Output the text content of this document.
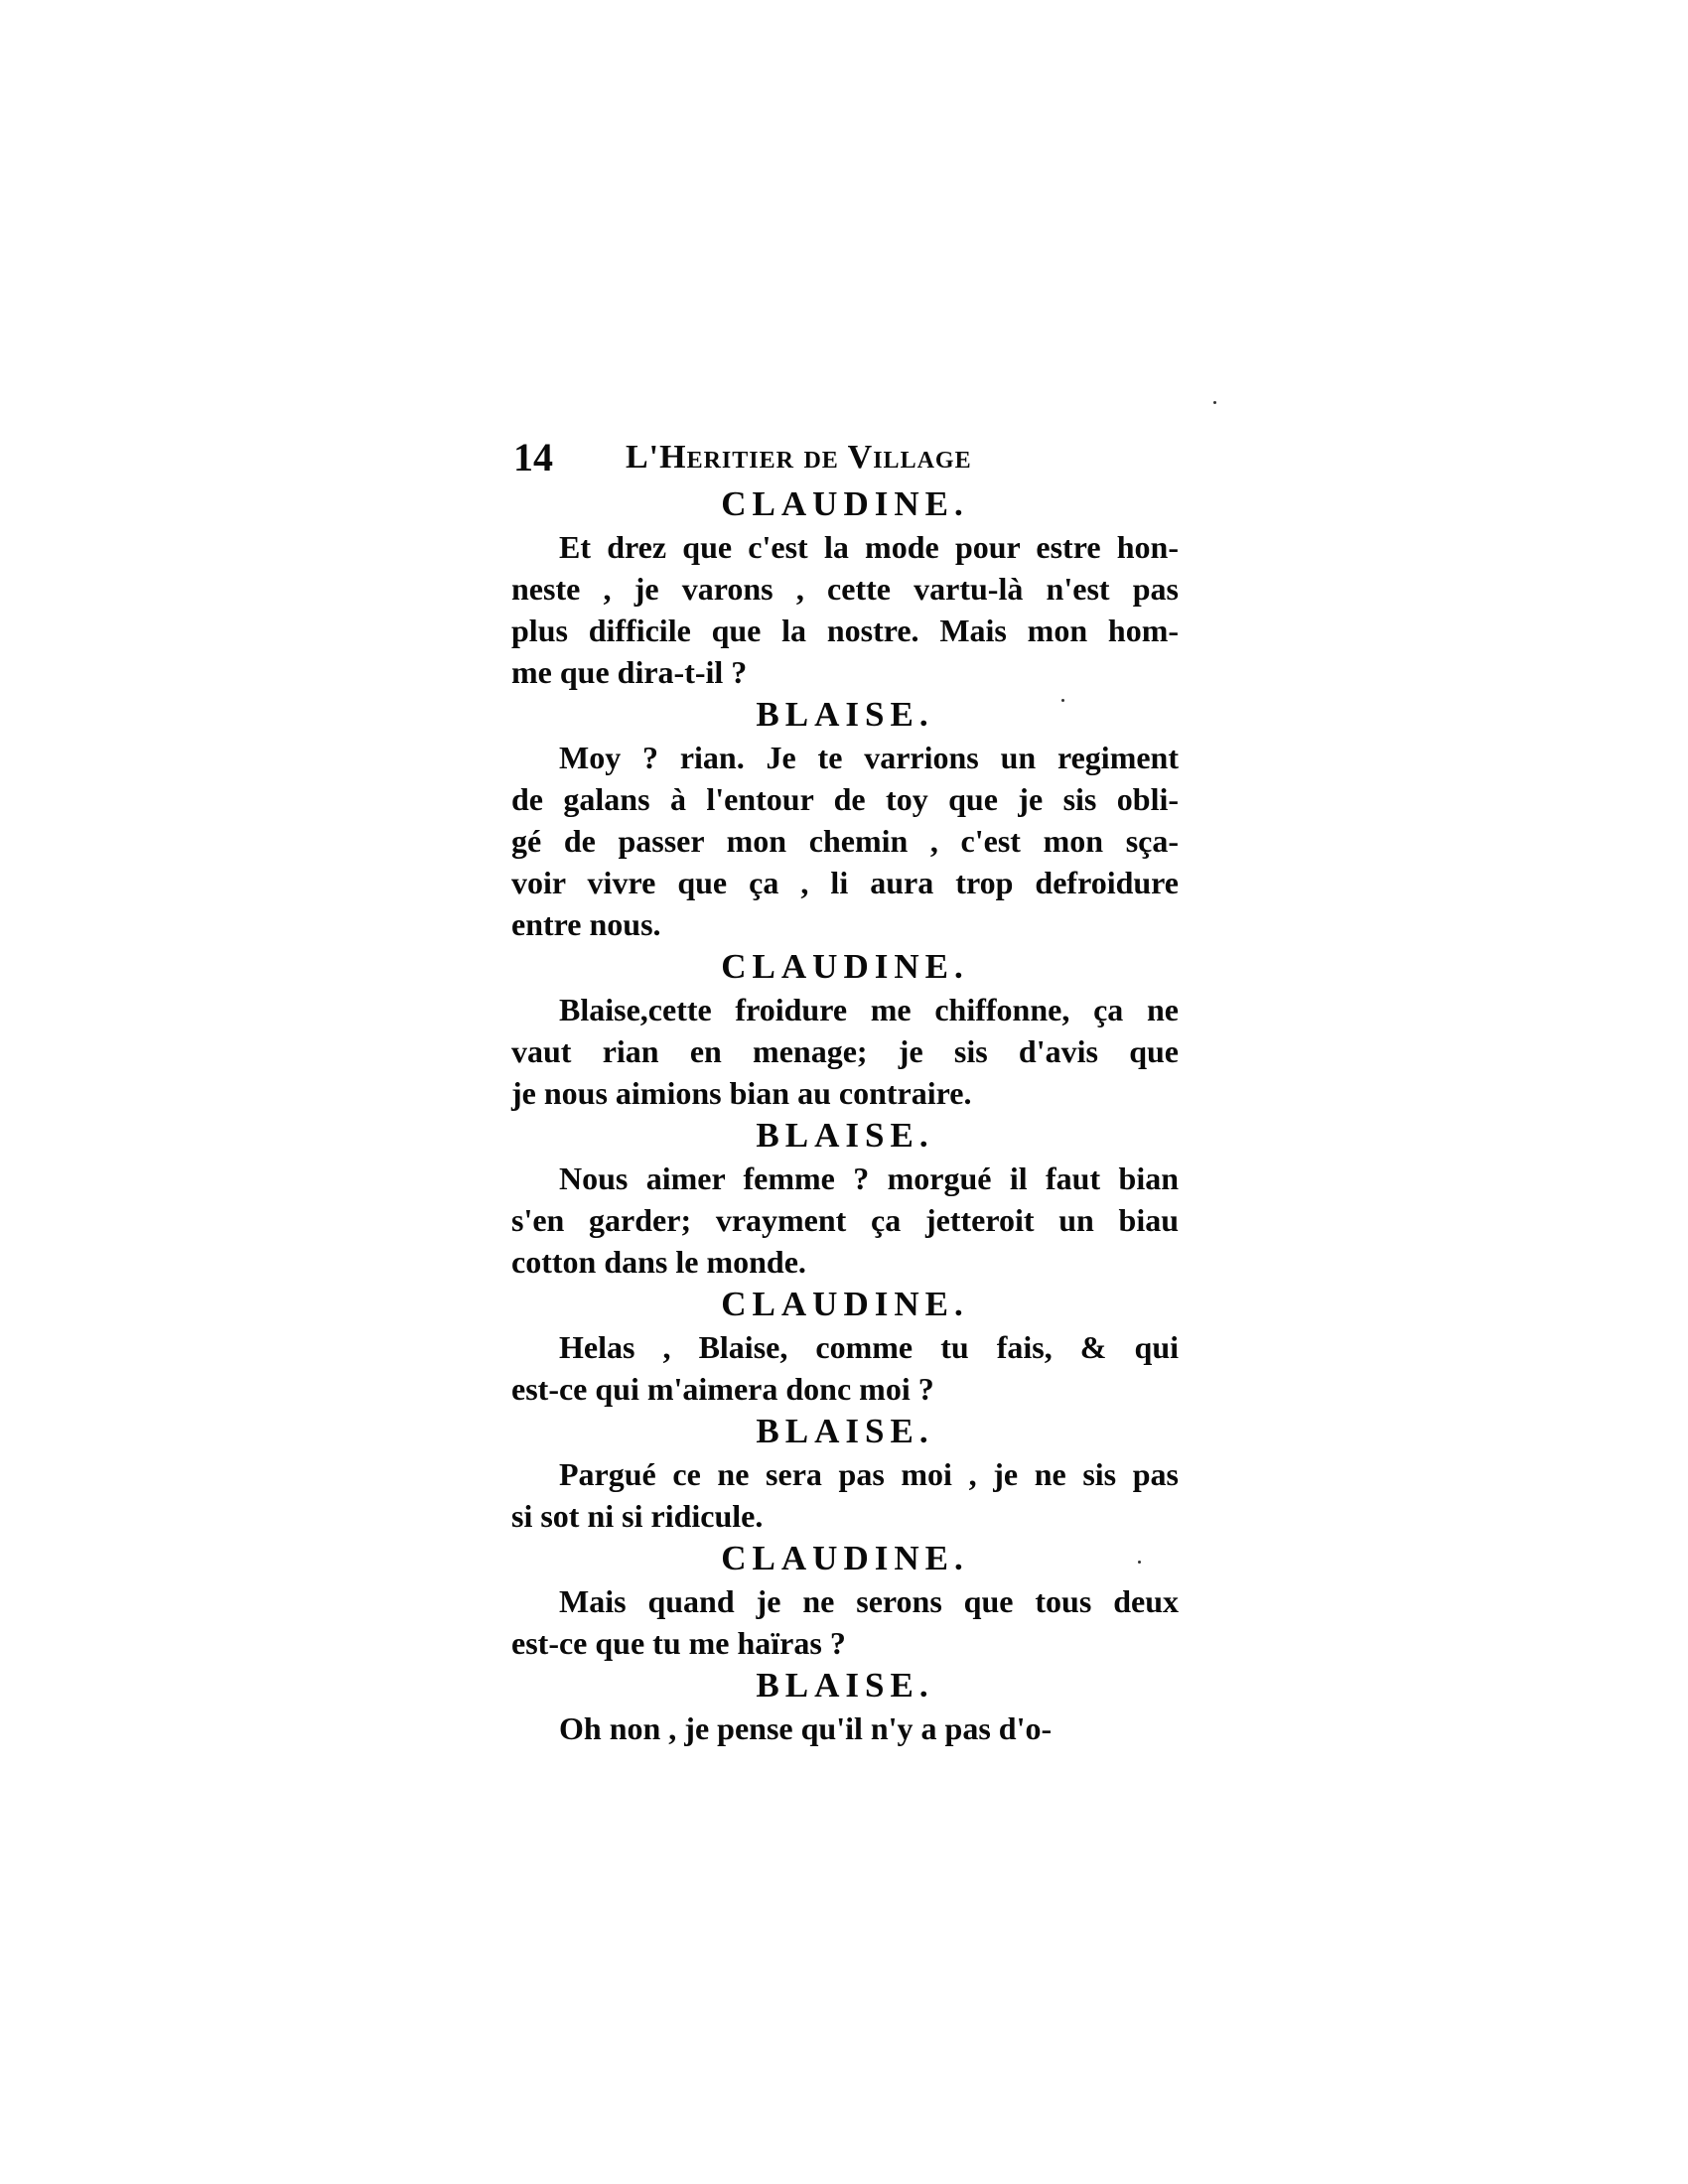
14 L'Heritier de Village
CLAUDINE.
Et drez que c'est la mode pour estre hon-
neste , je varons , cette vartu-là n'est pas
plus difficile que la nostre. Mais mon hom-
me que dira-t-il ?
BLAISE.
Moy ? rian. Je te varrions un regiment
de galans à l'entour de toy que je sis obli-
gé de passer mon chemin , c'est mon sça-
voir vivre que ça , li aura trop defroidure
entre nous.
CLAUDINE.
Blaise,cette froidure me chiffonne, ça ne
vaut rian en menage; je sis d'avis que
je nous aimions bian au contraire.
BLAISE.
Nous aimer femme ? morgué il faut bian
s'en garder; vrayment ça jetteroit un biau
cotton dans le monde.
CLAUDINE.
Helas , Blaise, comme tu fais, & qui
est-ce qui m'aimera donc moi ?
BLAISE.
Pargué ce ne sera pas moi , je ne sis pas
si sot ni si ridicule.
CLAUDINE.
Mais quand je ne serons que tous deux
est-ce que tu me haïras ?
BLAISE.
Oh non , je pense qu'il n'y a pas d'o-
